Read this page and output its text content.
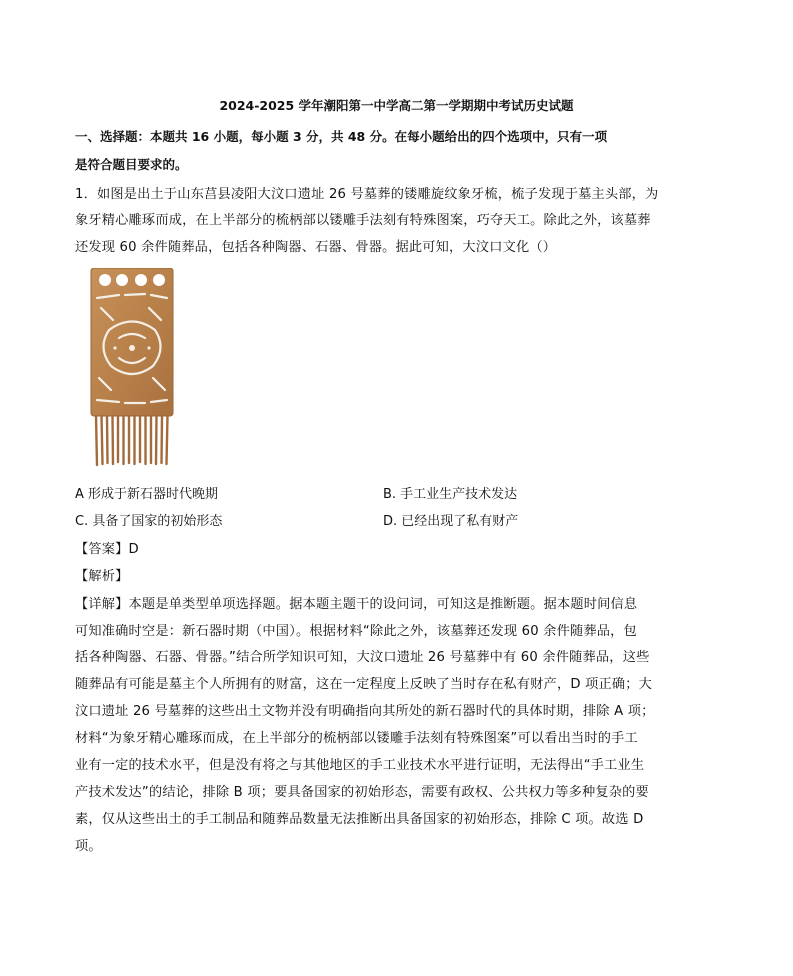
2024-2025 学年潮阳第一中学高二第一学期期中考试历史试题
一、选择题：本题共 16 小题，每小题 3 分，共 48 分。在每小题给出的四个选项中，只有一项
是符合题目要求的。
1．如图是出土于山东莒县凌阳大汶口遗址 26 号墓葬的镂雕旋纹象牙梳，梳子发现于墓主头部，为
象牙精心雕琢而成，在上半部分的梳柄部以镂雕手法刻有特殊图案，巧夺天工。除此之外，该墓葬
还发现 60 余件随葬品，包括各种陶器、石器、骨器。据此可知，大汶口文化（）
A 形成于新石器时代晚期	B. 手工业生产技术发达
C. 具备了国家的初始形态	D. 已经出现了私有财产
【答案】D
【解析】
【详解】本题是单类型单项选择题。据本题主题干的设问词，可知这是推断题。据本题时间信息
可知准确时空是：新石器时期（中国）。根据材料“除此之外，该墓葬还发现 60 余件随葬品，包
括各种陶器、石器、骨器。”结合所学知识可知，大汶口遗址 26 号墓葬中有 60 余件随葬品，这些
随葬品有可能是墓主个人所拥有的财富，这在一定程度上反映了当时存在私有财产，D 项正确；大
汶口遗址 26 号墓葬的这些出土文物并没有明确指向其所处的新石器时代的具体时期，排除 A 项；
材料“为象牙精心雕琢而成，在上半部分的梳柄部以镂雕手法刻有特殊图案”可以看出当时的手工
业有一定的技术水平，但是没有将之与其他地区的手工业技术水平进行证明，无法得出“手工业生
产技术发达”的结论，排除 B 项；要具备国家的初始形态，需要有政权、公共权力等多种复杂的要
素，仅从这些出土的手工制品和随葬品数量无法推断出具备国家的初始形态，排除 C 项。故选 D
项。
